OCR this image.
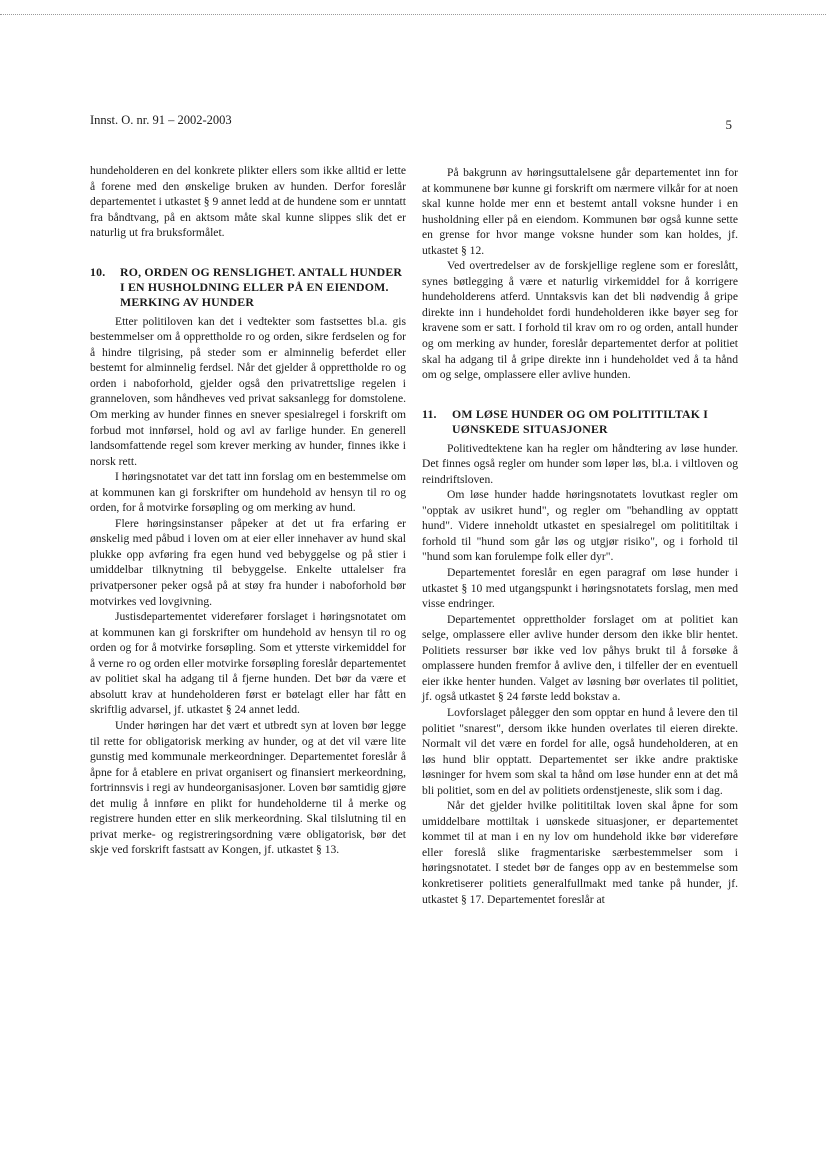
Innst. O. nr. 91 – 2002-2003	5

hundeholderen en del konkrete plikter ellers som ikke alltid er lette å forene med den ønskelige bruken av hunden. Derfor foreslår departementet i utkastet § 9 annet ledd at de hundene som er unntatt fra båndtvang, på en aktsom måte skal kunne slippes slik det er naturlig ut fra bruksformålet.

10.	RO, ORDEN OG RENSLIGHET. ANTALL HUNDER I EN HUSHOLDNING ELLER PÅ EN EIENDOM. MERKING AV HUNDER

Etter politiloven kan det i vedtekter som fastsettes bl.a. gis bestemmelser om å opprettholde ro og orden, sikre ferdselen og for å hindre tilgrising, på steder som er alminnelig beferdet eller bestemt for alminnelig ferdsel. Når det gjelder å opprettholde ro og orden i naboforhold, gjelder også den privatrettslige regelen i granneloven, som håndheves ved privat saksanlegg for domstolene. Om merking av hunder finnes en snever spesialregel i forskrift om forbud mot innførsel, hold og avl av farlige hunder. En generell landsomfattende regel som krever merking av hunder, finnes ikke i norsk rett.

I høringsnotatet var det tatt inn forslag om en bestemmelse om at kommunen kan gi forskrifter om hundehold av hensyn til ro og orden, for å motvirke forsøpling og om merking av hund.

Flere høringsinstanser påpeker at det ut fra erfaring er ønskelig med påbud i loven om at eier eller innehaver av hund skal plukke opp avføring fra egen hund ved bebyggelse og på stier i umiddelbar tilknytning til bebyggelse. Enkelte uttalelser fra privatpersoner peker også på at støy fra hunder i naboforhold bør motvirkes ved lovgivning.

Justisdepartementet viderefører forslaget i høringsnotatet om at kommunen kan gi forskrifter om hundehold av hensyn til ro og orden og for å motvirke forsøpling. Som et ytterste virkemiddel for å verne ro og orden eller motvirke forsøpling foreslår departementet av politiet skal ha adgang til å fjerne hunden. Det bør da være et absolutt krav at hundeholderen først er bøtelagt eller har fått en skriftlig advarsel, jf. utkastet § 24 annet ledd.

Under høringen har det vært et utbredt syn at loven bør legge til rette for obligatorisk merking av hunder, og at det vil være lite gunstig med kommunale merkeordninger. Departementet foreslår å åpne for å etablere en privat organisert og finansiert merkeordning, fortrinnsvis i regi av hundeorganisasjoner. Loven bør samtidig gjøre det mulig å innføre en plikt for hundeholderne til å merke og registrere hunden etter en slik merkeordning. Skal tilslutning til en privat merke- og registreringsordning være obligatorisk, bør det skje ved forskrift fastsatt av Kongen, jf. utkastet § 13.

På bakgrunn av høringsuttalelsene går departementet inn for at kommunene bør kunne gi forskrift om nærmere vilkår for at noen skal kunne holde mer enn et bestemt antall voksne hunder i en husholdning eller på en eiendom. Kommunen bør også kunne sette en grense for hvor mange voksne hunder som kan holdes, jf. utkastet § 12.

Ved overtredelser av de forskjellige reglene som er foreslått, synes bøtlegging å være et naturlig virkemiddel for å korrigere hundeholderens atferd. Unntaksvis kan det bli nødvendig å gripe direkte inn i hundeholdet fordi hundeholderen ikke bøyer seg for kravene som er satt. I forhold til krav om ro og orden, antall hunder og om merking av hunder, foreslår departementet derfor at politiet skal ha adgang til å gripe direkte inn i hundeholdet ved å ta hånd om og selge, omplassere eller avlive hunden.

11.	OM LØSE HUNDER OG OM POLITITILTAK I UØNSKEDE SITUASJONER

Politivedtektene kan ha regler om håndtering av løse hunder. Det finnes også regler om hunder som løper løs, bl.a. i viltloven og reindriftsloven.

Om løse hunder hadde høringsnotatets lovutkast regler om "opptak av usikret hund", og regler om "behandling av opptatt hund". Videre inneholdt utkastet en spesialregel om polititiltak i forhold til "hund som går løs og utgjør risiko", og i forhold til "hund som kan forulempe folk eller dyr".

Departementet foreslår en egen paragraf om løse hunder i utkastet § 10 med utgangspunkt i høringsnotatets forslag, men med visse endringer.

Departementet opprettholder forslaget om at politiet kan selge, omplassere eller avlive hunder dersom den ikke blir hentet. Politiets ressurser bør ikke ved lov påhys brukt til å forsøke å omplassere hunden fremfor å avlive den, i tilfeller der en eventuell eier ikke henter hunden. Valget av løsning bør overlates til politiet, jf. også utkastet § 24 første ledd bokstav a.

Lovforslaget pålegger den som opptar en hund å levere den til politiet "snarest", dersom ikke hunden overlates til eieren direkte. Normalt vil det være en fordel for alle, også hundeholderen, at en løs hund blir opptatt. Departementet ser ikke andre praktiske løsninger for hvem som skal ta hånd om løse hunder enn at det må bli politiet, som en del av politiets ordenstjeneste, slik som i dag.

Når det gjelder hvilke polititiltak loven skal åpne for som umiddelbare mottiltak i uønskede situasjoner, er departementet kommet til at man i en ny lov om hundehold ikke bør videreføre eller foreslå slike fragmentariske særbestemmelser som i høringsnotatet. I stedet bør de fanges opp av en bestemmelse som konkretiserer politiets generalfullmakt med tanke på hunder, jf. utkastet § 17. Departementet foreslår at
